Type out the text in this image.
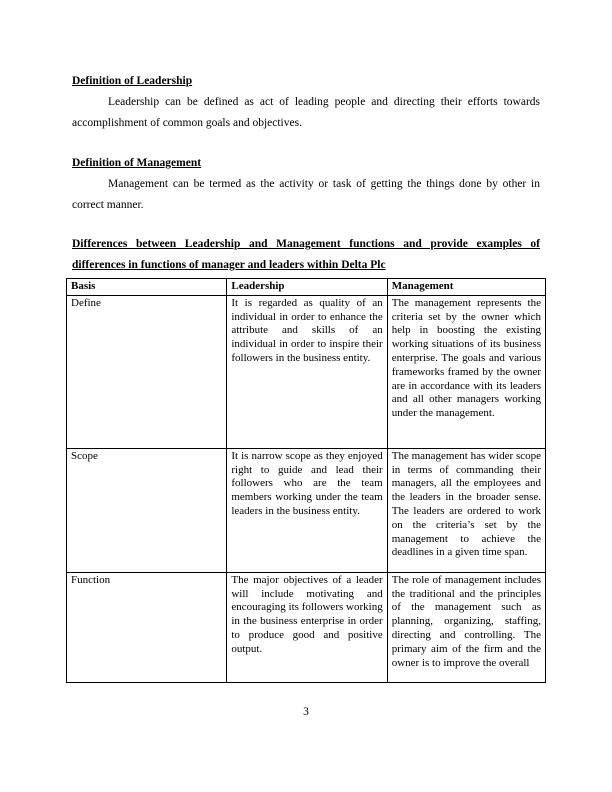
Definition of Leadership
Leadership can be defined as act of leading people and directing their efforts towards accomplishment of common goals and objectives.
Definition of Management
Management can be termed as the activity or task of getting the things done by other in correct manner.
Differences between Leadership and Management functions and provide examples of differences in functions of manager and leaders within Delta Plc
Basis	Leadership	Management
Define	It is regarded as quality of an individual in order to enhance the attribute and skills of an individual in order to inspire their followers in the business entity.	The management represents the criteria set by the owner which help in boosting the existing working situations of its business enterprise. The goals and various frameworks framed by the owner are in accordance with its leaders and all other managers working under the management.
Scope	It is narrow scope as they enjoyed right to guide and lead their followers who are the team members working under the team leaders in the business entity.	The management has wider scope in terms of commanding their managers, all the employees and the leaders in the broader sense. The leaders are ordered to work on the criteria’s set by the management to achieve the deadlines in a given time span.
Function	The major objectives of a leader will include motivating and encouraging its followers working in the business enterprise in order to produce good and positive output.	The role of management includes the traditional and the principles of the management such as planning, organizing, staffing, directing and controlling. The primary aim of the firm and the owner is to improve the overall
3
